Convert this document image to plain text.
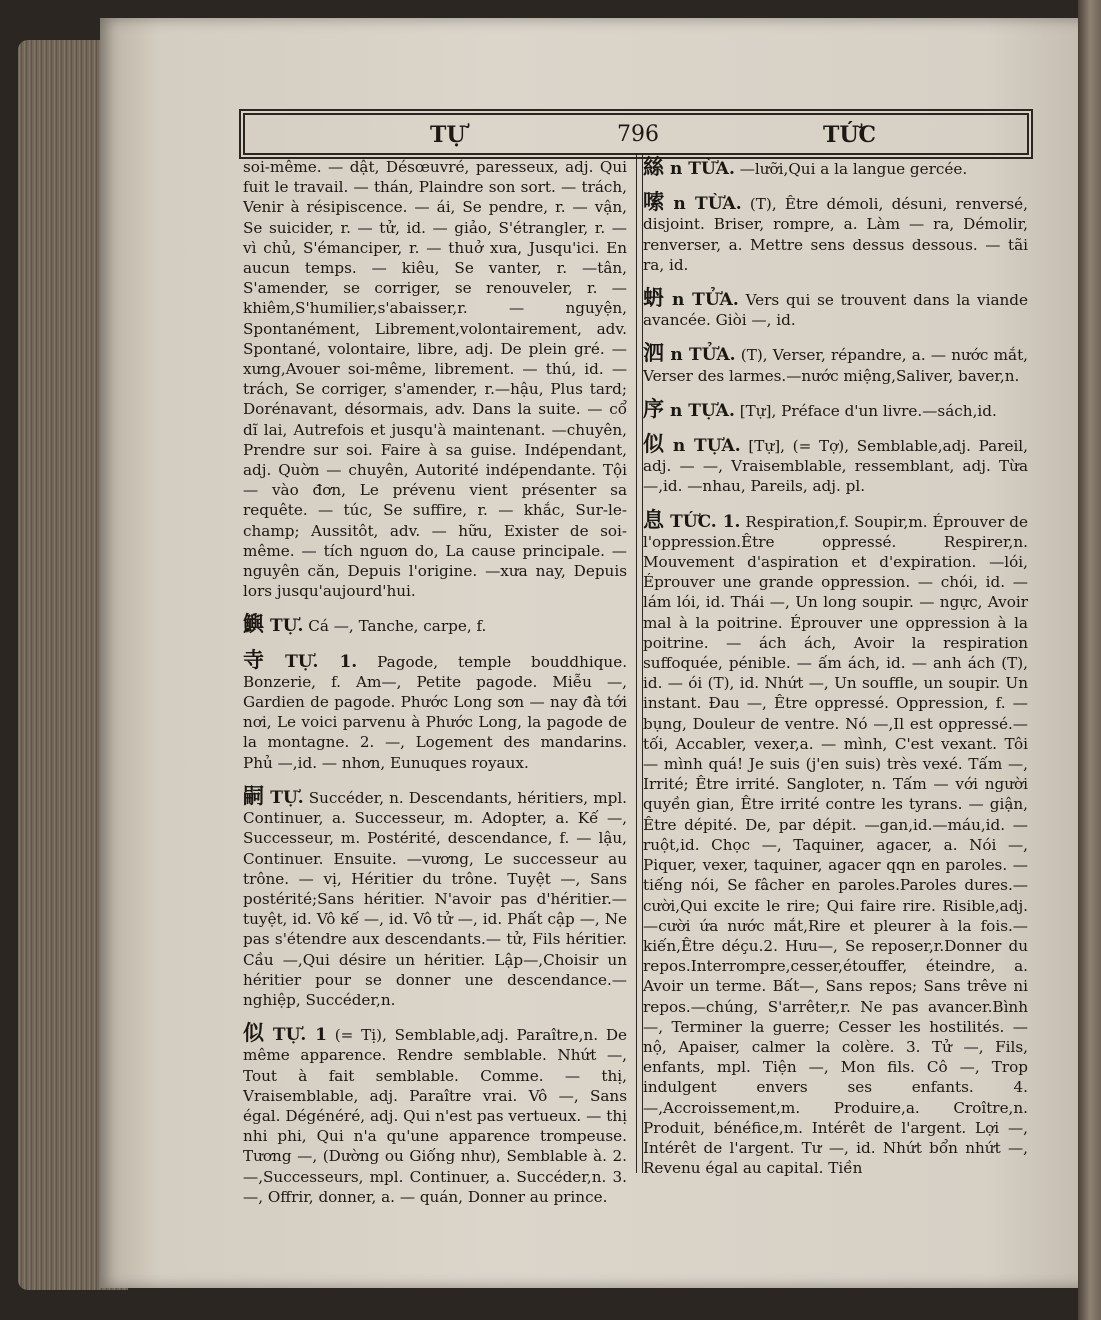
TỰ	796	TỨC

soi-même. — dật, Désœuvré, paresseux, adj. Qui fuit le travail. — thán, Plaindre son sort. — trách, Venir à résipiscence. — ái, Se pendre, r. — vận, Se suicider, r. — tử, id. — giảo, S'étrangler, r. — vì chủ, S'émanciper, r. — thuở xưa, Jusqu'ici. En aucun temps. — kiêu, Se vanter, r. —tân, S'amender, se corriger, se renouveler, r. — khiêm,S'humilier,s'abaisser,r. — nguyện, Spontanément, Librement,volontairement, adv. Spontané, volontaire, libre, adj. De plein gré. —xưng,Avouer soi-même, librement. — thú, id. — trách, Se corriger, s'amender, r.—hậu, Plus tard; Dorénavant, désormais, adv. Dans la suite. — cổ dĩ lai, Autrefois et jusqu'à maintenant. —chuyên, Prendre sur soi. Faire à sa guise. Indépendant, adj. Quờn — chuyên, Autorité indépendante. Tội — vào đơn, Le prévenu vient présenter sa requête. — túc, Se suffire, r. — khắc, Sur-le-champ; Aussitôt, adv. — hữu, Exister de soi-même. — tích nguơn do, La cause principale. — nguyên căn, Depuis l'origine. —xưa nay, Depuis lors jusqu'aujourd'hui.

鱮 TỰ. Cá —, Tanche, carpe, f.

寺 TỰ. 1. Pagode, temple bouddhique. Bonzerie, f. Am—, Petite pagode. Miễu —, Gardien de pagode. Phước Long sơn — nay đà tới nơi, Le voici parvenu à Phước Long, la pagode de la montagne. 2. —, Logement des mandarins. Phủ —,id. — nhơn, Eunuques royaux.

嗣 TỰ. Succéder, n. Descendants, héritiers, mpl. Continuer, a. Successeur, m. Adopter, a. Kế —, Successeur, m. Postérité, descendance, f. — lậu, Continuer. Ensuite. —vương, Le successeur au trône. — vị, Héritier du trône. Tuyệt —, Sans postérité;Sans héritier. N'avoir pas d'héritier.—tuyệt, id. Vô kế —, id. Vô tử —, id. Phất cập —, Ne pas s'étendre aux descendants.— tử, Fils héritier. Cầu —,Qui désire un héritier. Lập—,Choisir un héritier pour se donner une descendance.—nghiệp, Succéder,n.

似 TỰ. 1 (= Tị), Semblable,adj. Paraître,n. De même apparence. Rendre semblable. Nhứt —, Tout à fait semblable. Comme. — thị, Vraisemblable, adj. Paraître vrai. Vô —, Sans égal. Dégénéré, adj. Qui n'est pas vertueux. — thị nhi phi, Qui n'a qu'une apparence trompeuse. Tương —, (Dường ou Giống như), Semblable à. 2.—,Successeurs, mpl. Continuer, a. Succéder,n. 3. —, Offrir, donner, a. — quán, Donner au prince.

絲 n TỪA. —lưỡi,Qui a la langue gercée.

嗦 n TỪA. (T), Être démoli, désuni, renversé, disjoint. Briser, rompre, a. Làm — ra, Démolir, renverser, a. Mettre sens dessus dessous. — tãi ra, id.

蚒 n TỬA. Vers qui se trouvent dans la viande avancée. Giòi —, id.

泗 n TỬA. (T), Verser, répandre, a. — nước mắt, Verser des larmes.—nước miệng,Saliver, baver,n.

序 n TỰA. [Tự], Préface d'un livre.—sách,id.

似 n TỰA. [Tự], (= Tợ), Semblable,adj. Pareil, adj. — —, Vraisemblable, ressemblant, adj. Từa—,id. —nhau, Pareils, adj. pl.

息 TỨC. 1. Respiration,f. Soupir,m. Éprouver de l'oppression.Être oppressé. Respirer,n. Mouvement d'aspiration et d'expiration. —lói, Éprouver une grande oppression. — chói, id. — lám lói, id. Thái —, Un long soupir. — ngực, Avoir mal à la poitrine. Éprouver une oppression à la poitrine. — ách ách, Avoir la respiration suffoquée, pénible. — ấm ách, id. — anh ách (T), id. — ói (T), id. Nhứt —, Un souffle, un soupir. Un instant. Đau —, Être oppressé. Oppression, f. — bụng, Douleur de ventre. Nó —,Il est oppressé.—tối, Accabler, vexer,a. — mình, C'est vexant. Tôi — mình quá! Je suis (j'en suis) très vexé. Tấm —, Irrité; Être irrité. Sangloter, n. Tấm — với người quyền gian, Être irrité contre les tyrans. — giận, Être dépité. De, par dépit. —gan,id.—máu,id. —ruột,id. Chọc —, Taquiner, agacer, a. Nói —, Piquer, vexer, taquiner, agacer qqn en paroles. — tiếng nói, Se fâcher en paroles.Paroles dures.—cười,Qui excite le rire; Qui faire rire. Risible,adj.—cười ứa nước mắt,Rire et pleurer à la fois.—kiến,Être déçu.2. Hưu—, Se reposer,r.Donner du repos.Interrompre,cesser,étouffer, éteindre, a. Avoir un terme. Bất—, Sans repos; Sans trêve ni repos.—chúng, S'arrêter,r. Ne pas avancer.Bình—, Terminer la guerre; Cesser les hostilités. — nộ, Apaiser, calmer la colère. 3. Tử —, Fils, enfants, mpl. Tiện —, Mon fils. Cô —, Trop indulgent envers ses enfants. 4.—,Accroissement,m. Produire,a. Croître,n. Produit, bénéfice,m. Intérêt de l'argent. Lợi —, Intérêt de l'argent. Tư —, id. Nhứt bổn nhứt —, Revenu égal au capital. Tiền
